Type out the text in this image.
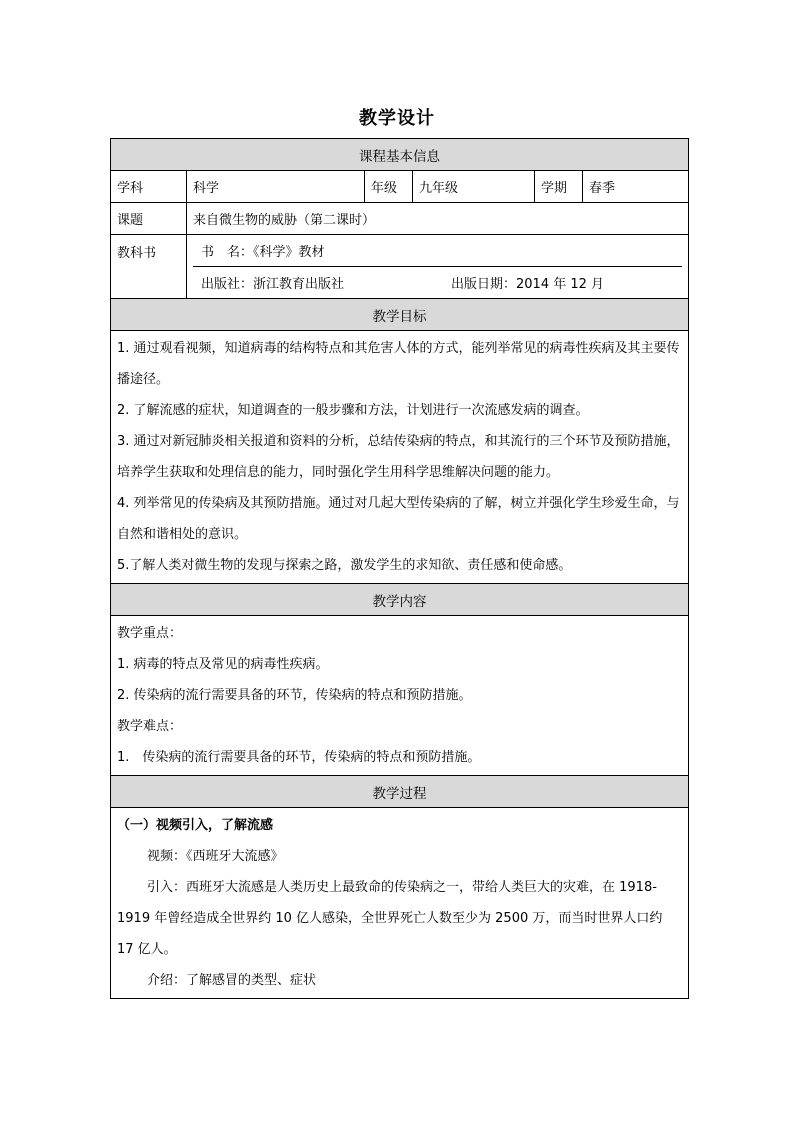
教学设计
课程基本信息					
学科	科学	年级	九年级	学期	春季
课题	来自微生物的威胁（第二课时）				
教科书	书　名：《科学》教材
出版社：浙江教育出版社 出版日期：2014 年 12 月				

教学目标					

1. 通过观看视频，知道病毒的结构特点和其危害人体的方式，能列举常见的病毒性疾病及其主要传播途径。
2. 了解流感的症状，知道调查的一般步骤和方法，计划进行一次流感发病的调查。
3. 通过对新冠肺炎相关报道和资料的分析，总结传染病的特点，和其流行的三个环节及预防措施，培养学生获取和处理信息的能力，同时强化学生用科学思维解决问题的能力。
4. 列举常见的传染病及其预防措施。通过对几起大型传染病的了解，树立并强化学生珍爱生命，与自然和谐相处的意识。
5.了解人类对微生物的发现与探索之路，激发学生的求知欲、责任感和使命感。					

教学内容					

教学重点：
1. 病毒的特点及常见的病毒性疾病。
2. 传染病的流行需要具备的环节，传染病的特点和预防措施。
教学难点：
1.　传染病的流行需要具备的环节，传染病的特点和预防措施。					

教学过程					

（一）视频引入，了解流感
视频：《西班牙大流感》
引入：西班牙大流感是人类历史上最致命的传染病之一，带给人类巨大的灾难，在 1918-1919 年曾经造成全世界约 10 亿人感染，全世界死亡人数至少为 2500 万，而当时世界人口约 17 亿人。
介绍：了解感冒的类型、症状					
